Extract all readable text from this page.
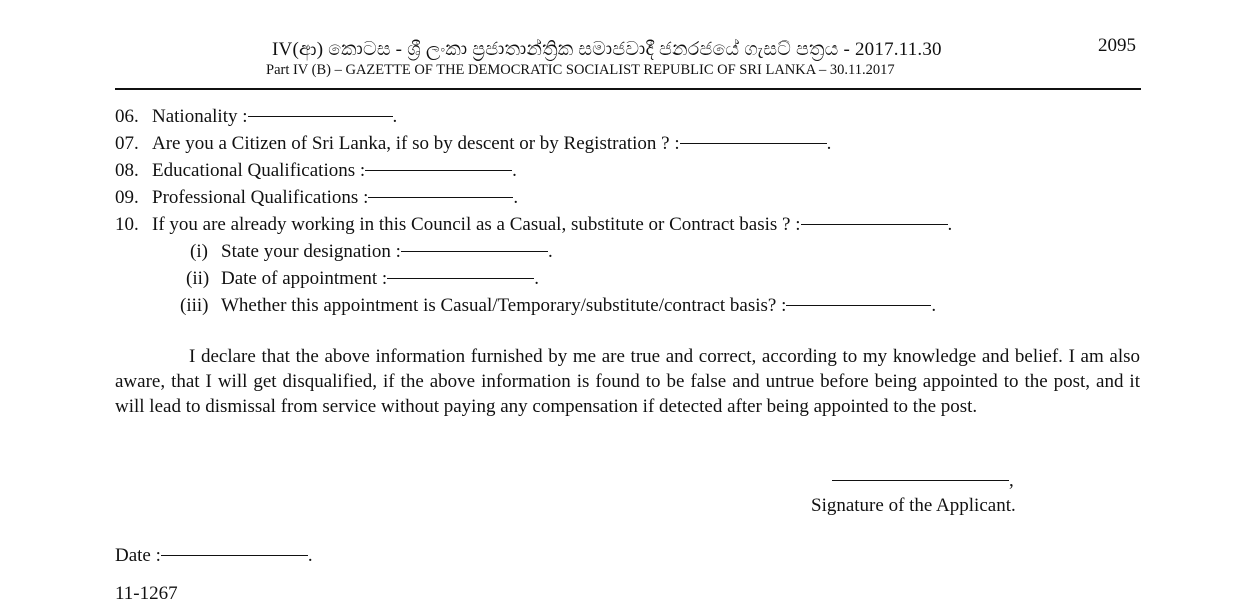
IV(ආ) කොටස - ශ්‍රී ලංකා ප්‍රජාතාන්ත්‍රික සමාජවාදී ජනරජයේ ගැසට් පත්‍රය - 2017.11.30
Part IV (B) – GAZETTE OF THE DEMOCRATIC SOCIALIST REPUBLIC OF SRI LANKA – 30.11.2017
2095
06. Nationality :	.
07. Are you a Citizen of Sri Lanka, if so by descent or by Registration ? :	.
08. Educational Qualifications :	.
09. Professional Qualifications :	.
10. If you are already working in this Council as a Casual, substitute or Contract basis ? :	.
(i) State your designation :	.
(ii) Date of appointment :	.
(iii) Whether this appointment is Casual/Temporary/substitute/contract basis? :	.
I declare that the above information furnished by me are true and correct, according to my knowledge and belief. I am also aware, that I will get disqualified, if the above information is found to be false and untrue before being appointed to the post, and it will lead to dismissal from service without paying any compensation if detected after being appointed to the post.
,
Signature of the Applicant.
Date :	.
11-1267
